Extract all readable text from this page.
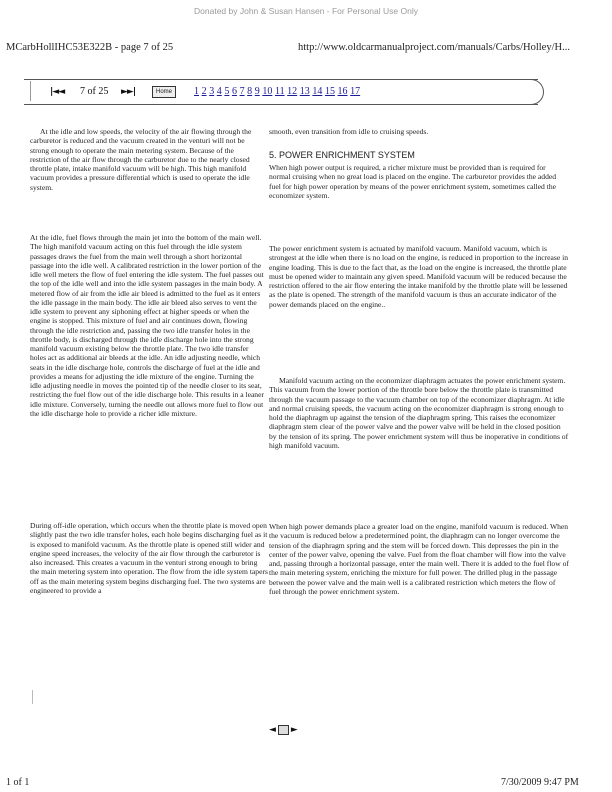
Donated by John & Susan Hansen - For Personal Use Only
MCarbHollIHC53E322B - page 7 of 25	http://www.oldcarmanualproject.com/manuals/Carbs/Holley/H...
|◄◄ 7 of 25 ►►|	Home	1 2 3 4 5 6 7 8 9 10 11 12 13 14 15 16 17

At the idle and low speeds, the velocity of the air flowing through the carburetor is reduced and the vacuum created in the venturi will not be strong enough to operate the main metering system. Because of the restriction of the air flow through the carburetor due to the nearly closed throttle plate, intake manifold vacuum will be high. This high manifold vacuum provides a pressure differential which is used to operate the idle system.

At the idle, fuel flows through the main jet into the bottom of the main well. The high manifold vacuum acting on this fuel through the idle system passages draws the fuel from the main well through a short horizontal passage into the idle well. A calibrated restriction in the lower portion of the idle well meters the flow of fuel entering the idle system. The fuel passes out the top of the idle well and into the idle system passages in the main body. A metered flow of air from the idle air bleed is admitted to the fuel as it enters the idle passage in the main body. The idle air bleed also serves to vent the idle system to prevent any siphoning effect at higher speeds or when the engine is stopped. This mixture of fuel and air continues down, flowing through the idle restriction and, passing the two idle transfer holes in the throttle body, is discharged through the idle discharge hole into the strong manifold vacuum existing below the throttle plate. The two idle transfer holes act as additional air bleeds at the idle. An idle adjusting needle, which seats in the idle discharge hole, controls the discharge of fuel at the idle and provides a means for adjusting the idle mixture of the engine. Turning the idle adjusting needle in moves the pointed tip of the needle closer to its seat, restricting the fuel flow out of the idle discharge hole. This results in a leaner idle mixture. Conversely, turning the needle out allows more fuel to flow out the idle discharge hole to provide a richer idle mixture.

During off-idle operation, which occurs when the throttle plate is moved open slightly past the two idle transfer holes, each hole begins discharging fuel as it is exposed to manifold vacuum. As the throttle plate is opened still wider and engine speed increases, the velocity of the air flow through the carburetor is also increased. This creates a vacuum in the venturi strong enough to bring the main metering system into operation. The flow from the idle system tapers off as the main metering system begins discharging fuel. The two systems are engineered to provide a

smooth, even transition from idle to cruising speeds.

5. POWER ENRICHMENT SYSTEM

When high power output is required, a richer mixture must be provided than is required for normal cruising when no great load is placed on the engine. The carburetor provides the added fuel for high power operation by means of the power enrichment system, sometimes called the economizer system.

The power enrichment system is actuated by manifold vacuum. Manifold vacuum, which is strongest at the idle when there is no load on the engine, is reduced in proportion to the increase in engine loading. This is due to the fact that, as the load on the engine is increased, the throttle plate must be opened wider to maintain any given speed. Manifold vacuum will be reduced because the restriction offered to the air flow entering the intake manifold by the throttle plate will be lessened as the plate is opened. The strength of the manifold vacuum is thus an accurate indicator of the power demands placed on the engine..

Manifold vacuum acting on the economizer diaphragm actuates the power enrichment system. This vacuum from the lower portion of the throttle bore below the throttle plate is transmitted through the vacuum passage to the vacuum chamber on top of the economizer diaphragm. At idle and normal cruising speeds, the vacuum acting on the economizer diaphragm is strong enough to hold the diaphragm up against the tension of the diaphragm spring. This raises the economizer diaphragm stem clear of the power valve and the power valve will be held in the closed position by the tension of its spring. The power enrichment system will thus be inoperative in conditions of high manifold vacuum.

When high power demands place a greater load on the engine, manifold vacuum is reduced. When the vacuum is reduced below a predetermined point, the diaphragm can no longer overcome the tension of the diaphragm spring and the stem will be forced down. This depresses the pin in the center of the power valve, opening the valve. Fuel from the float chamber will flow into the valve and, passing through a horizontal passage, enter the main well. There it is added to the fuel flow of the main metering system, enriching the mixture for full power. The drilled plug in the passage between the power valve and the main well is a calibrated restriction which meters the flow of fuel through the power enrichment system.

◄ ►
1 of 1	7/30/2009 9:47 PM
